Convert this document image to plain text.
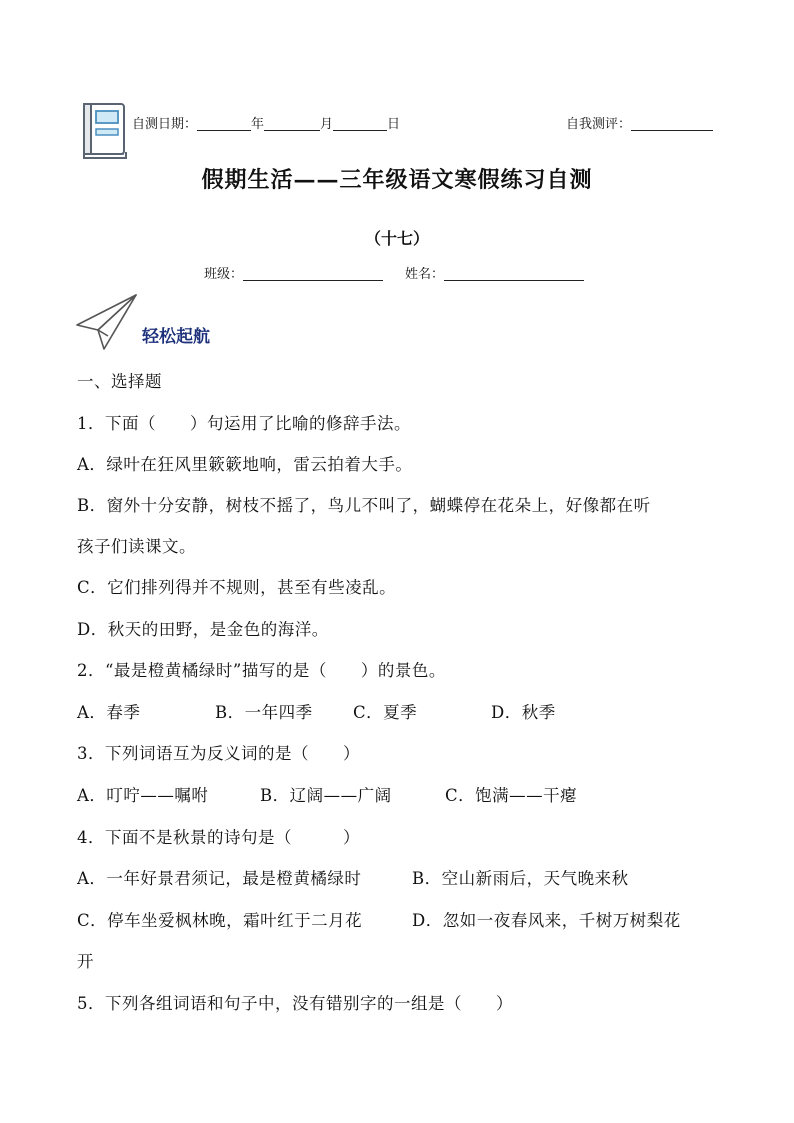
自测日期：	年	月	日	自我测评：
假期生活——三年级语文寒假练习自测
（十七）
班级：	姓名：
轻松起航
一、选择题
1．下面（　　）句运用了比喻的修辞手法。
A．绿叶在狂风里簌簌地响，雷云拍着大手。
B．窗外十分安静，树枝不摇了，鸟儿不叫了，蝴蝶停在花朵上，好像都在听
孩子们读课文。
C．它们排列得并不规则，甚至有些凌乱。
D．秋天的田野，是金色的海洋。
2．“最是橙黄橘绿时”描写的是（　　）的景色。
A．春季	B．一年四季 C．夏季	D．秋季
3．下列词语互为反义词的是（　　）
A．叮咛——嘱咐	B．辽阔——广阔	C．饱满——干瘪
4．下面不是秋景的诗句是（　　　）
A．一年好景君须记，最是橙黄橘绿时	B．空山新雨后，天气晚来秋
C．停车坐爱枫林晚，霜叶红于二月花	D．忽如一夜春风来，千树万树梨花
开
5．下列各组词语和句子中，没有错别字的一组是（　　）
